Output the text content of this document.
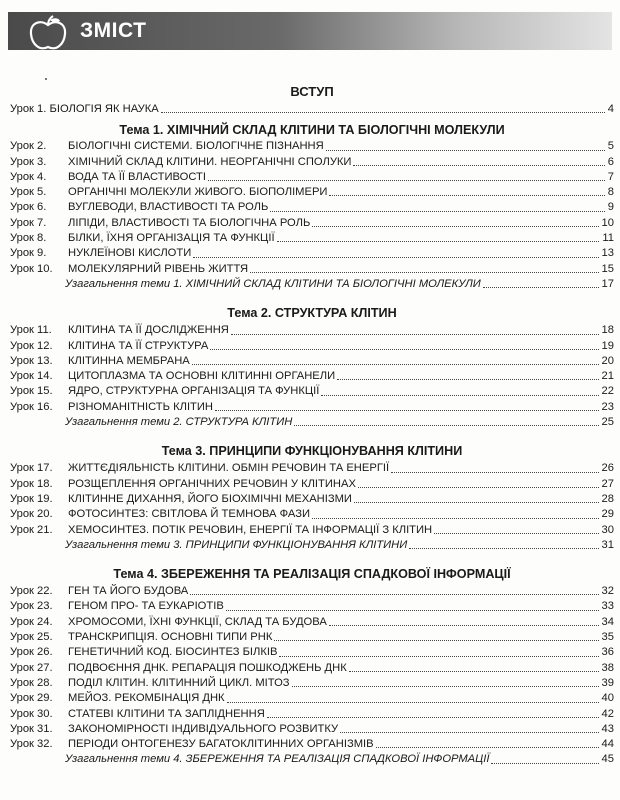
ЗМІСТ
ВСТУП
Урок 1. БІОЛОГІЯ ЯК НАУКА	4
Тема 1. ХІМІЧНИЙ СКЛАД КЛІТИНИ ТА БІОЛОГІЧНІ МОЛЕКУЛИ
Урок 2. БІОЛОГІЧНІ СИСТЕМИ. БІОЛОГІЧНЕ ПІЗНАННЯ	5
Урок 3. ХІМІЧНИЙ СКЛАД КЛІТИНИ. НЕОРГАНІЧНІ СПОЛУКИ	6
Урок 4. ВОДА ТА ЇЇ ВЛАСТИВОСТІ	7
Урок 5. ОРГАНІЧНІ МОЛЕКУЛИ ЖИВОГО. БІОПОЛІМЕРИ	8
Урок 6. ВУГЛЕВОДИ, ВЛАСТИВОСТІ ТА РОЛЬ	9
Урок 7. ЛІПІДИ, ВЛАСТИВОСТІ ТА БІОЛОГІЧНА РОЛЬ	10
Урок 8. БІЛКИ, ЇХНЯ ОРГАНІЗАЦІЯ ТА ФУНКЦІЇ	11
Урок 9. НУКЛЕЇНОВІ КИСЛОТИ	13
Урок 10. МОЛЕКУЛЯРНИЙ РІВЕНЬ ЖИТТЯ	15
Узагальнення теми 1. ХІМІЧНИЙ СКЛАД КЛІТИНИ ТА БІОЛОГІЧНІ МОЛЕКУЛИ	17
Тема 2. СТРУКТУРА КЛІТИН
Урок 11. КЛІТИНА ТА ЇЇ ДОСЛІДЖЕННЯ	18
Урок 12. КЛІТИНА ТА ЇЇ СТРУКТУРА	19
Урок 13. КЛІТИННА МЕМБРАНА	20
Урок 14. ЦИТОПЛАЗМА ТА ОСНОВНІ КЛІТИННІ ОРГАНЕЛИ	21
Урок 15. ЯДРО, СТРУКТУРНА ОРГАНІЗАЦІЯ ТА ФУНКЦІЇ	22
Урок 16. РІЗНОМАНІТНІСТЬ КЛІТИН	23
Узагальнення теми 2. СТРУКТУРА КЛІТИН	25
Тема 3. ПРИНЦИПИ ФУНКЦІОНУВАННЯ КЛІТИНИ
Урок 17. ЖИТТЄДІЯЛЬНІСТЬ КЛІТИНИ. ОБМІН РЕЧОВИН ТА ЕНЕРГІЇ	26
Урок 18. РОЗЩЕПЛЕННЯ ОРГАНІЧНИХ РЕЧОВИН У КЛІТИНАХ	27
Урок 19. КЛІТИННЕ ДИХАННЯ, ЙОГО БІОХІМІЧНІ МЕХАНІЗМИ	28
Урок 20. ФОТОСИНТЕЗ: СВІТЛОВА Й ТЕМНОВА ФАЗИ	29
Урок 21. ХЕМОСИНТЕЗ. ПОТІК РЕЧОВИН, ЕНЕРГІЇ ТА ІНФОРМАЦІЇ З КЛІТИН	30
Узагальнення теми 3. ПРИНЦИПИ ФУНКЦІОНУВАННЯ КЛІТИНИ	31
Тема 4. ЗБЕРЕЖЕННЯ ТА РЕАЛІЗАЦІЯ СПАДКОВОЇ ІНФОРМАЦІЇ
Урок 22. ГЕН ТА ЙОГО БУДОВА	32
Урок 23. ГЕНОМ ПРО- ТА ЕУКАРІОТІВ	33
Урок 24. ХРОМОСОМИ, ЇХНІ ФУНКЦІЇ, СКЛАД ТА БУДОВА	34
Урок 25. ТРАНСКРИПЦІЯ. ОСНОВНІ ТИПИ РНК	35
Урок 26. ГЕНЕТИЧНИЙ КОД. БІОСИНТЕЗ БІЛКІВ	36
Урок 27. ПОДВОЄННЯ ДНК. РЕПАРАЦІЯ ПОШКОДЖЕНЬ ДНК	38
Урок 28. ПОДІЛ КЛІТИН. КЛІТИННИЙ ЦИКЛ. МІТОЗ	39
Урок 29. МЕЙОЗ. РЕКОМБІНАЦІЯ ДНК	40
Урок 30. СТАТЕВІ КЛІТИНИ ТА ЗАПЛІДНЕННЯ	42
Урок 31. ЗАКОНОМІРНОСТІ ІНДИВІДУАЛЬНОГО РОЗВИТКУ	43
Урок 32. ПЕРІОДИ ОНТОГЕНЕЗУ БАГАТОКЛІТИННИХ ОРГАНІЗМІВ	44
Узагальнення теми 4. ЗБЕРЕЖЕННЯ ТА РЕАЛІЗАЦІЯ СПАДКОВОЇ ІНФОРМАЦІЇ	45
